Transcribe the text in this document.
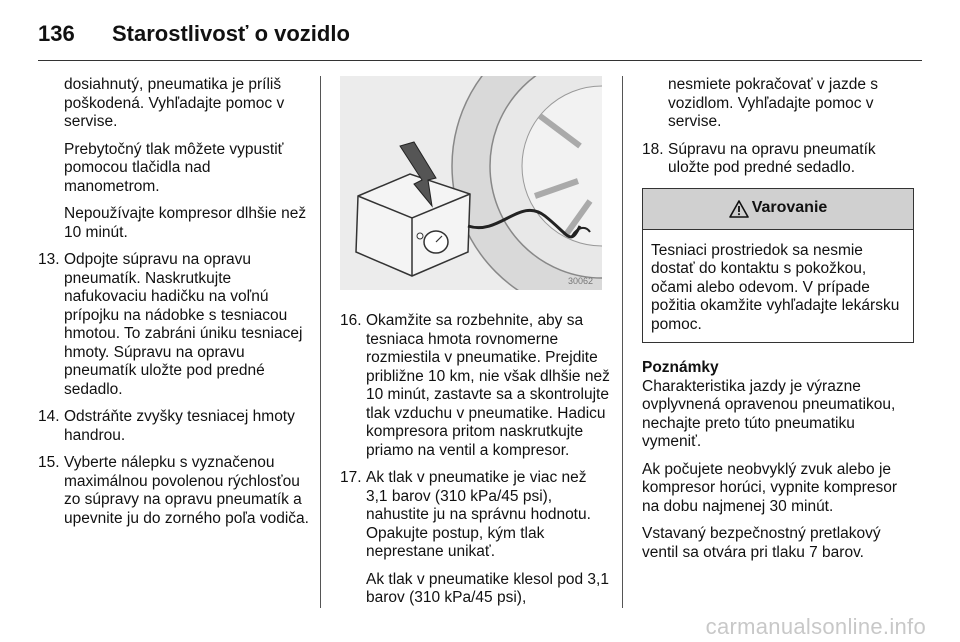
136	Starostlivosť o vozidlo

dosiahnutý, pneumatika je príliš poškodená. Vyhľadajte pomoc v servise.

Prebytočný tlak môžete vypustiť pomocou tlačidla nad manometrom.

Nepoužívajte kompresor dlhšie než 10 minút.

13. Odpojte súpravu na opravu pneumatík. Naskrutkujte nafukovaciu hadičku na voľnú prípojku na nádobke s tesniacou hmotou. To zabráni úniku tesniacej hmoty. Súpravu na opravu pneumatík uložte pod predné sedadlo.
14. Odstráňte zvyšky tesniacej hmoty handrou.
15. Vyberte nálepku s vyznačenou maximálnou povolenou rýchlosťou zo súpravy na opravu pneumatík a upevnite ju do zorného poľa vodiča.
30062
16. Okamžite sa rozbehnite, aby sa tesniaca hmota rovnomerne rozmiestila v pneumatike. Prejdite približne 10 km, nie však dlhšie než 10 minút, zastavte sa a skontrolujte tlak vzduchu v pneumatike. Hadicu kompresora pritom naskrutkujte priamo na ventil a kompresor.
17. Ak tlak v pneumatike je viac než 3,1 barov (310 kPa/45 psi), nahustite ju na správnu hodnotu. Opakujte postup, kým tlak neprestane unikať.

Ak tlak v pneumatike klesol pod 3,1 barov (310 kPa/45 psi),

nesmiete pokračovať v jazde s vozidlom. Vyhľadajte pomoc v servise.

18. Súpravu na opravu pneumatík uložte pod predné sedadlo.
Varovanie
Tesniaci prostriedok sa nesmie dostať do kontaktu s pokožkou, očami alebo odevom. V prípade požitia okamžite vyhľadajte lekársku pomoc.
Poznámky

Charakteristika jazdy je výrazne ovplyvnená opravenou pneumatikou, nechajte preto túto pneumatiku vymeniť.

Ak počujete neobvyklý zvuk alebo je kompresor horúci, vypnite kompresor na dobu najmenej 30 minút.

Vstavaný bezpečnostný pretlakový ventil sa otvára pri tlaku 7 barov.

carmanualsonline.info
